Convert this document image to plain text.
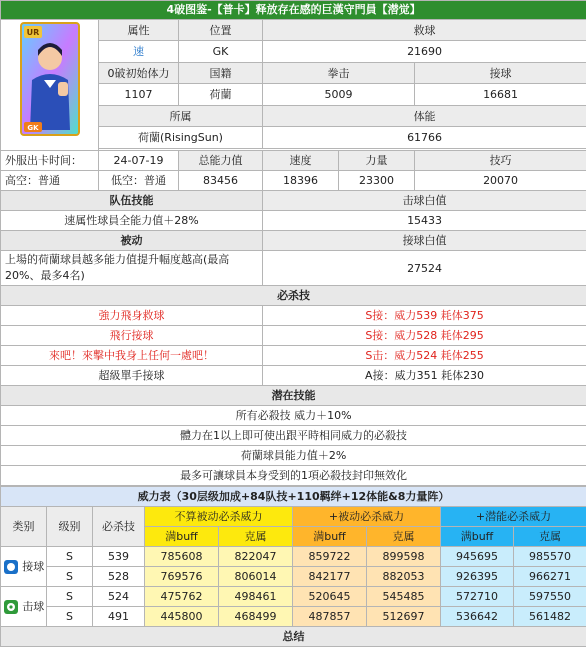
4破图鉴-【普卡】释放存在感的巨漢守門員【潜觉】					

UR
GK	属性	位置	救球		
	速	GK	21690		
	0破初始体力	国籍	拳击		接球
	1107	荷蘭	5009		16681
	所属		体能		
	荷蘭(RisingSun)		61766		

外服出卡时间：	24-07-19	总能力值	速度	力量	技巧
高空：普通	低空：普通	83456	18396	23300	20070
队伍技能			击球白值		
速属性球員全能力值＋28%			15433		
被动			接球白值		
上場的荷蘭球員越多能力值提升幅度越高(最高20%、最多4名)			27524		
必杀技					
強力飛身救球			S接：威力539 耗体375		
飛行接球			S接：威力528 耗体295		
來吧！來擊中我身上任何一處吧！			S击：威力524 耗体255		
超級單手接球			A接：威力351 耗体230		
潜在技能					
所有必殺技 威力＋10%					
體力在1以上即可使出跟平時相同威力的必殺技					
荷蘭球員能力值＋2%					
最多可讓球員本身受到的1項必殺技封印無效化					
威力表（30层级加成+84队技+110羁绊+12体能&8力量阵）								
类别	级别	必杀技	不算被动必杀威力		+被动必杀威力		+潜能必杀威力	
			满buff	克属	满buff	克属	满buff	克属
接球	S	539	785608	822047	859722	899598	945695	985570
	S	528	769576	806014	842177	882053	926395	966271
击球	S	524	475762	498461	520645	545485	572710	597550
	S	491	445800	468499	487857	512697	536642	561482
总结								
